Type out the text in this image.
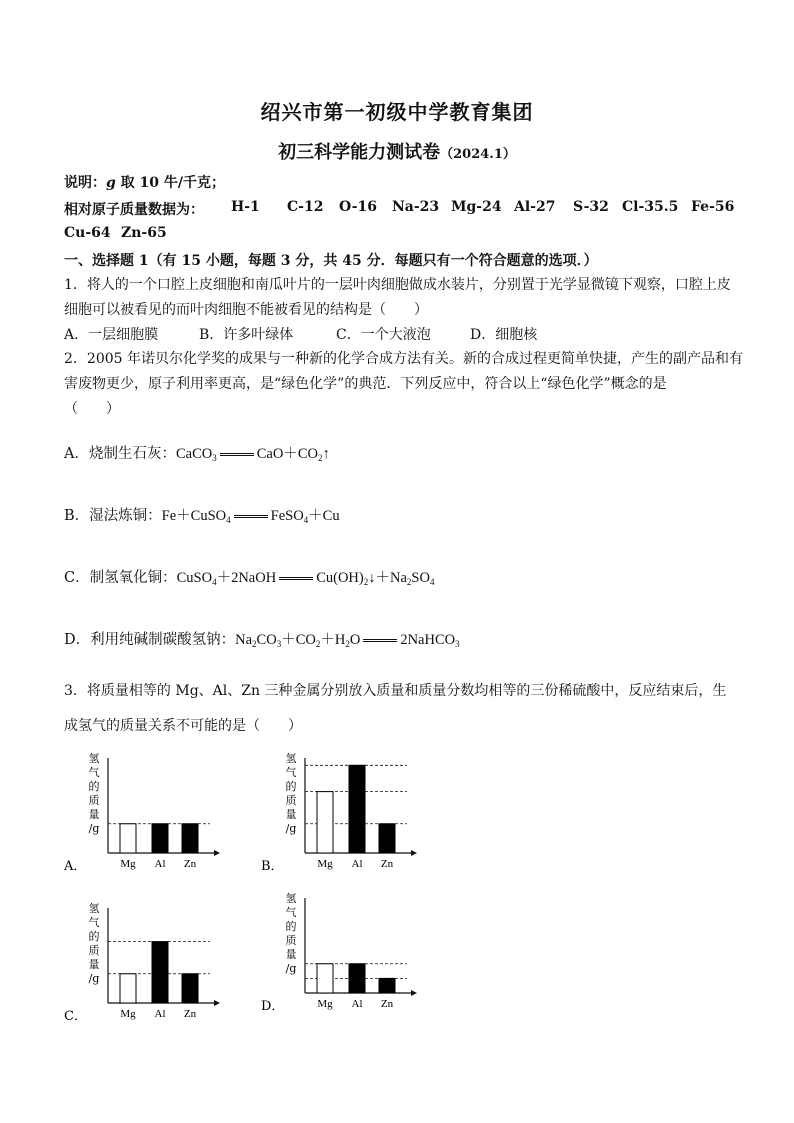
绍兴市第一初级中学教育集团
初三科学能力测试卷（2024.1）
说明：g 取 10 牛/千克；
相对原子质量数据为： H-1 C-12 O-16 Na-23 Mg-24 Al-27 S-32 Cl-35.5 Fe-56
Cu-64 Zn-65
一、选择题 1（有 15 小题，每题 3 分，共 45 分．每题只有一个符合题意的选项．）
1．将人的一个口腔上皮细胞和南瓜叶片的一层叶肉细胞做成水装片，分别置于光学显微镜下观察，口腔上皮
细胞可以被看见的而叶肉细胞不能被看见的结构是（　　）
A．一层细胞膜	B．许多叶绿体	C．一个大液泡	D．细胞核
2．2005 年诺贝尔化学奖的成果与一种新的化学合成方法有关。新的合成过程更简单快捷，产生的副产品和有
害废物更少，原子利用率更高，是“绿色化学”的典范．下列反应中，符合以上“绿色化学”概念的是
（　　）
A．烧制生石灰：CaCO$_3$	$CaO+CO_2↑$
B．湿法炼铜：Fe＋CuSO$_4$	FeSO$_4$＋Cu
C．制氢氧化铜：CuSO$_4$＋2NaOH	$Cu(OH)_2↓+Na_2SO_4$
D．利用纯碱制碳酸氢钠：$Na_2CO_3+CO_2+H_2O$	2NaHCO$_3$
3．将质量相等的 Mg、Al、Zn 三种金属分别放入质量和质量分数均相等的三份稀硫酸中，反应结束后，生
成氢气的质量关系不可能的是（　　）
氢
气
的
质
量
/g
Mg Al Zn
A．
氢
气
的
质
量
/g
Mg Al Zn
B．
氢
气
的
质
量
/g
Mg Al Zn
C．
氢
气
的
质
量
/g
Mg Al Zn
D．
